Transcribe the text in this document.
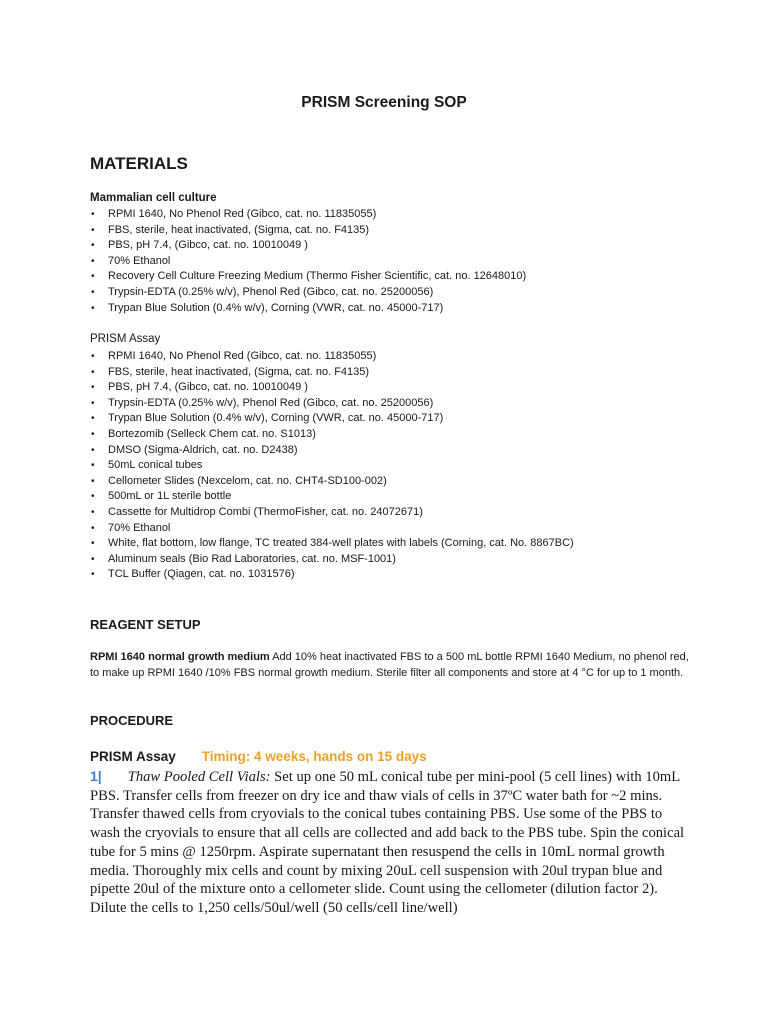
PRISM Screening SOP
MATERIALS
Mammalian cell culture
• RPMI 1640, No Phenol Red (Gibco, cat. no. 11835055)
• FBS, sterile, heat inactivated, (Sigma, cat. no. F4135)
• PBS, pH 7.4, (Gibco, cat. no. 10010049 )
• 70% Ethanol
• Recovery Cell Culture Freezing Medium (Thermo Fisher Scientific, cat. no. 12648010)
• Trypsin-EDTA (0.25% w/v), Phenol Red (Gibco, cat. no. 25200056)
• Trypan Blue Solution (0.4% w/v), Corning (VWR, cat. no. 45000-717)
PRISM Assay
• RPMI 1640, No Phenol Red (Gibco, cat. no. 11835055)
• FBS, sterile, heat inactivated, (Sigma, cat. no. F4135)
• PBS, pH 7.4, (Gibco, cat. no. 10010049 )
• Trypsin-EDTA (0.25% w/v), Phenol Red (Gibco, cat. no. 25200056)
• Trypan Blue Solution (0.4% w/v), Corning (VWR, cat. no. 45000-717)
• Bortezomib (Selleck Chem cat. no. S1013)
• DMSO (Sigma-Aldrich, cat. no. D2438)
• 50mL conical tubes
• Cellometer Slides (Nexcelom, cat. no. CHT4-SD100-002)
• 500mL or 1L sterile bottle
• Cassette for Multidrop Combi (ThermoFisher, cat. no. 24072671)
• 70% Ethanol
• White, flat bottom, low flange, TC treated 384-well plates with labels (Corning, cat. No. 8867BC)
• Aluminum seals (Bio Rad Laboratories, cat. no. MSF-1001)
• TCL Buffer (Qiagen, cat. no. 1031576)
REAGENT SETUP
RPMI 1640 normal growth medium Add 10% heat inactivated FBS to a 500 mL bottle RPMI 1640 Medium, no phenol red, to make up RPMI 1640 /10% FBS normal growth medium. Sterile filter all components and store at 4 °C for up to 1 month.
PROCEDURE
PRISM Assay Timing: 4 weeks, hands on 15 days
1| Thaw Pooled Cell Vials: Set up one 50 mL conical tube per mini-pool (5 cell lines) with 10mL PBS. Transfer cells from freezer on dry ice and thaw vials of cells in 37ºC water bath for ~2 mins. Transfer thawed cells from cryovials to the conical tubes containing PBS. Use some of the PBS to wash the cryovials to ensure that all cells are collected and add back to the PBS tube. Spin the conical tube for 5 mins @ 1250rpm. Aspirate supernatant then resuspend the cells in 10mL normal growth media. Thoroughly mix cells and count by mixing 20uL cell suspension with 20ul trypan blue and pipette 20ul of the mixture onto a cellometer slide. Count using the cellometer (dilution factor 2). Dilute the cells to 1,250 cells/50ul/well (50 cells/cell line/well)
